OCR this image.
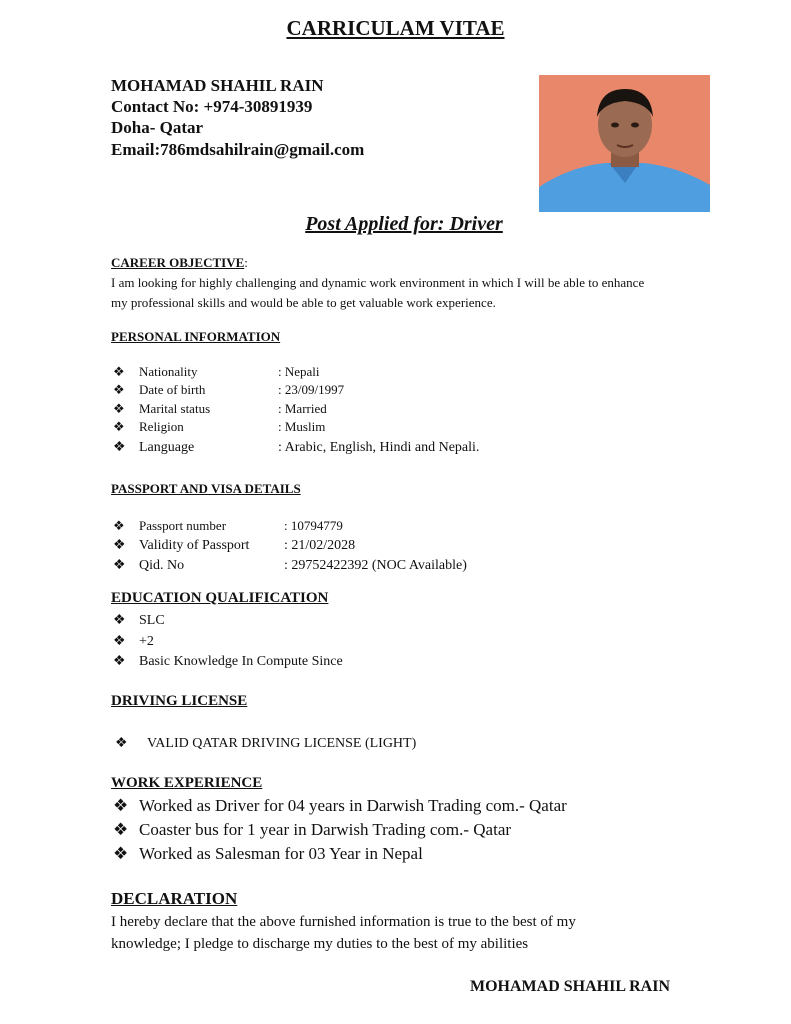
CARRICULAM VITAE
MOHAMAD SHAHIL RAIN
Contact No: +974-30891939
Doha- Qatar
Email:786mdsahilrain@gmail.com
Post Applied for: Driver
CAREER OBJECTIVE:
I am looking for highly challenging and dynamic work environment in which I will be able to enhance
my professional skills and would be able to get valuable work experience.
PERSONAL INFORMATION
❖ Nationality	: Nepali
❖ Date of birth	: 23/09/1997
❖ Marital status	: Married
❖ Religion	: Muslim
❖ Language	: Arabic, English, Hindi and Nepali.
PASSPORT AND VISA DETAILS
❖ Passport number	: 10794779
❖ Validity of Passport : 21/02/2028
❖ Qid. No	: 29752422392 (NOC Available)
EDUCATION QUALIFICATION
❖ SLC
❖ +2
❖ Basic Knowledge In Compute Since
DRIVING LICENSE
❖ VALID QATAR DRIVING LICENSE (LIGHT)
WORK EXPERIENCE
❖ Worked as Driver for 04 years in Darwish Trading com.- Qatar
❖ Coaster bus for 1 year in Darwish Trading com.- Qatar
❖ Worked as Salesman for 03 Year in Nepal
DECLARATION
I hereby declare that the above furnished information is true to the best of my
knowledge; I pledge to discharge my duties to the best of my abilities
MOHAMAD SHAHIL RAIN
